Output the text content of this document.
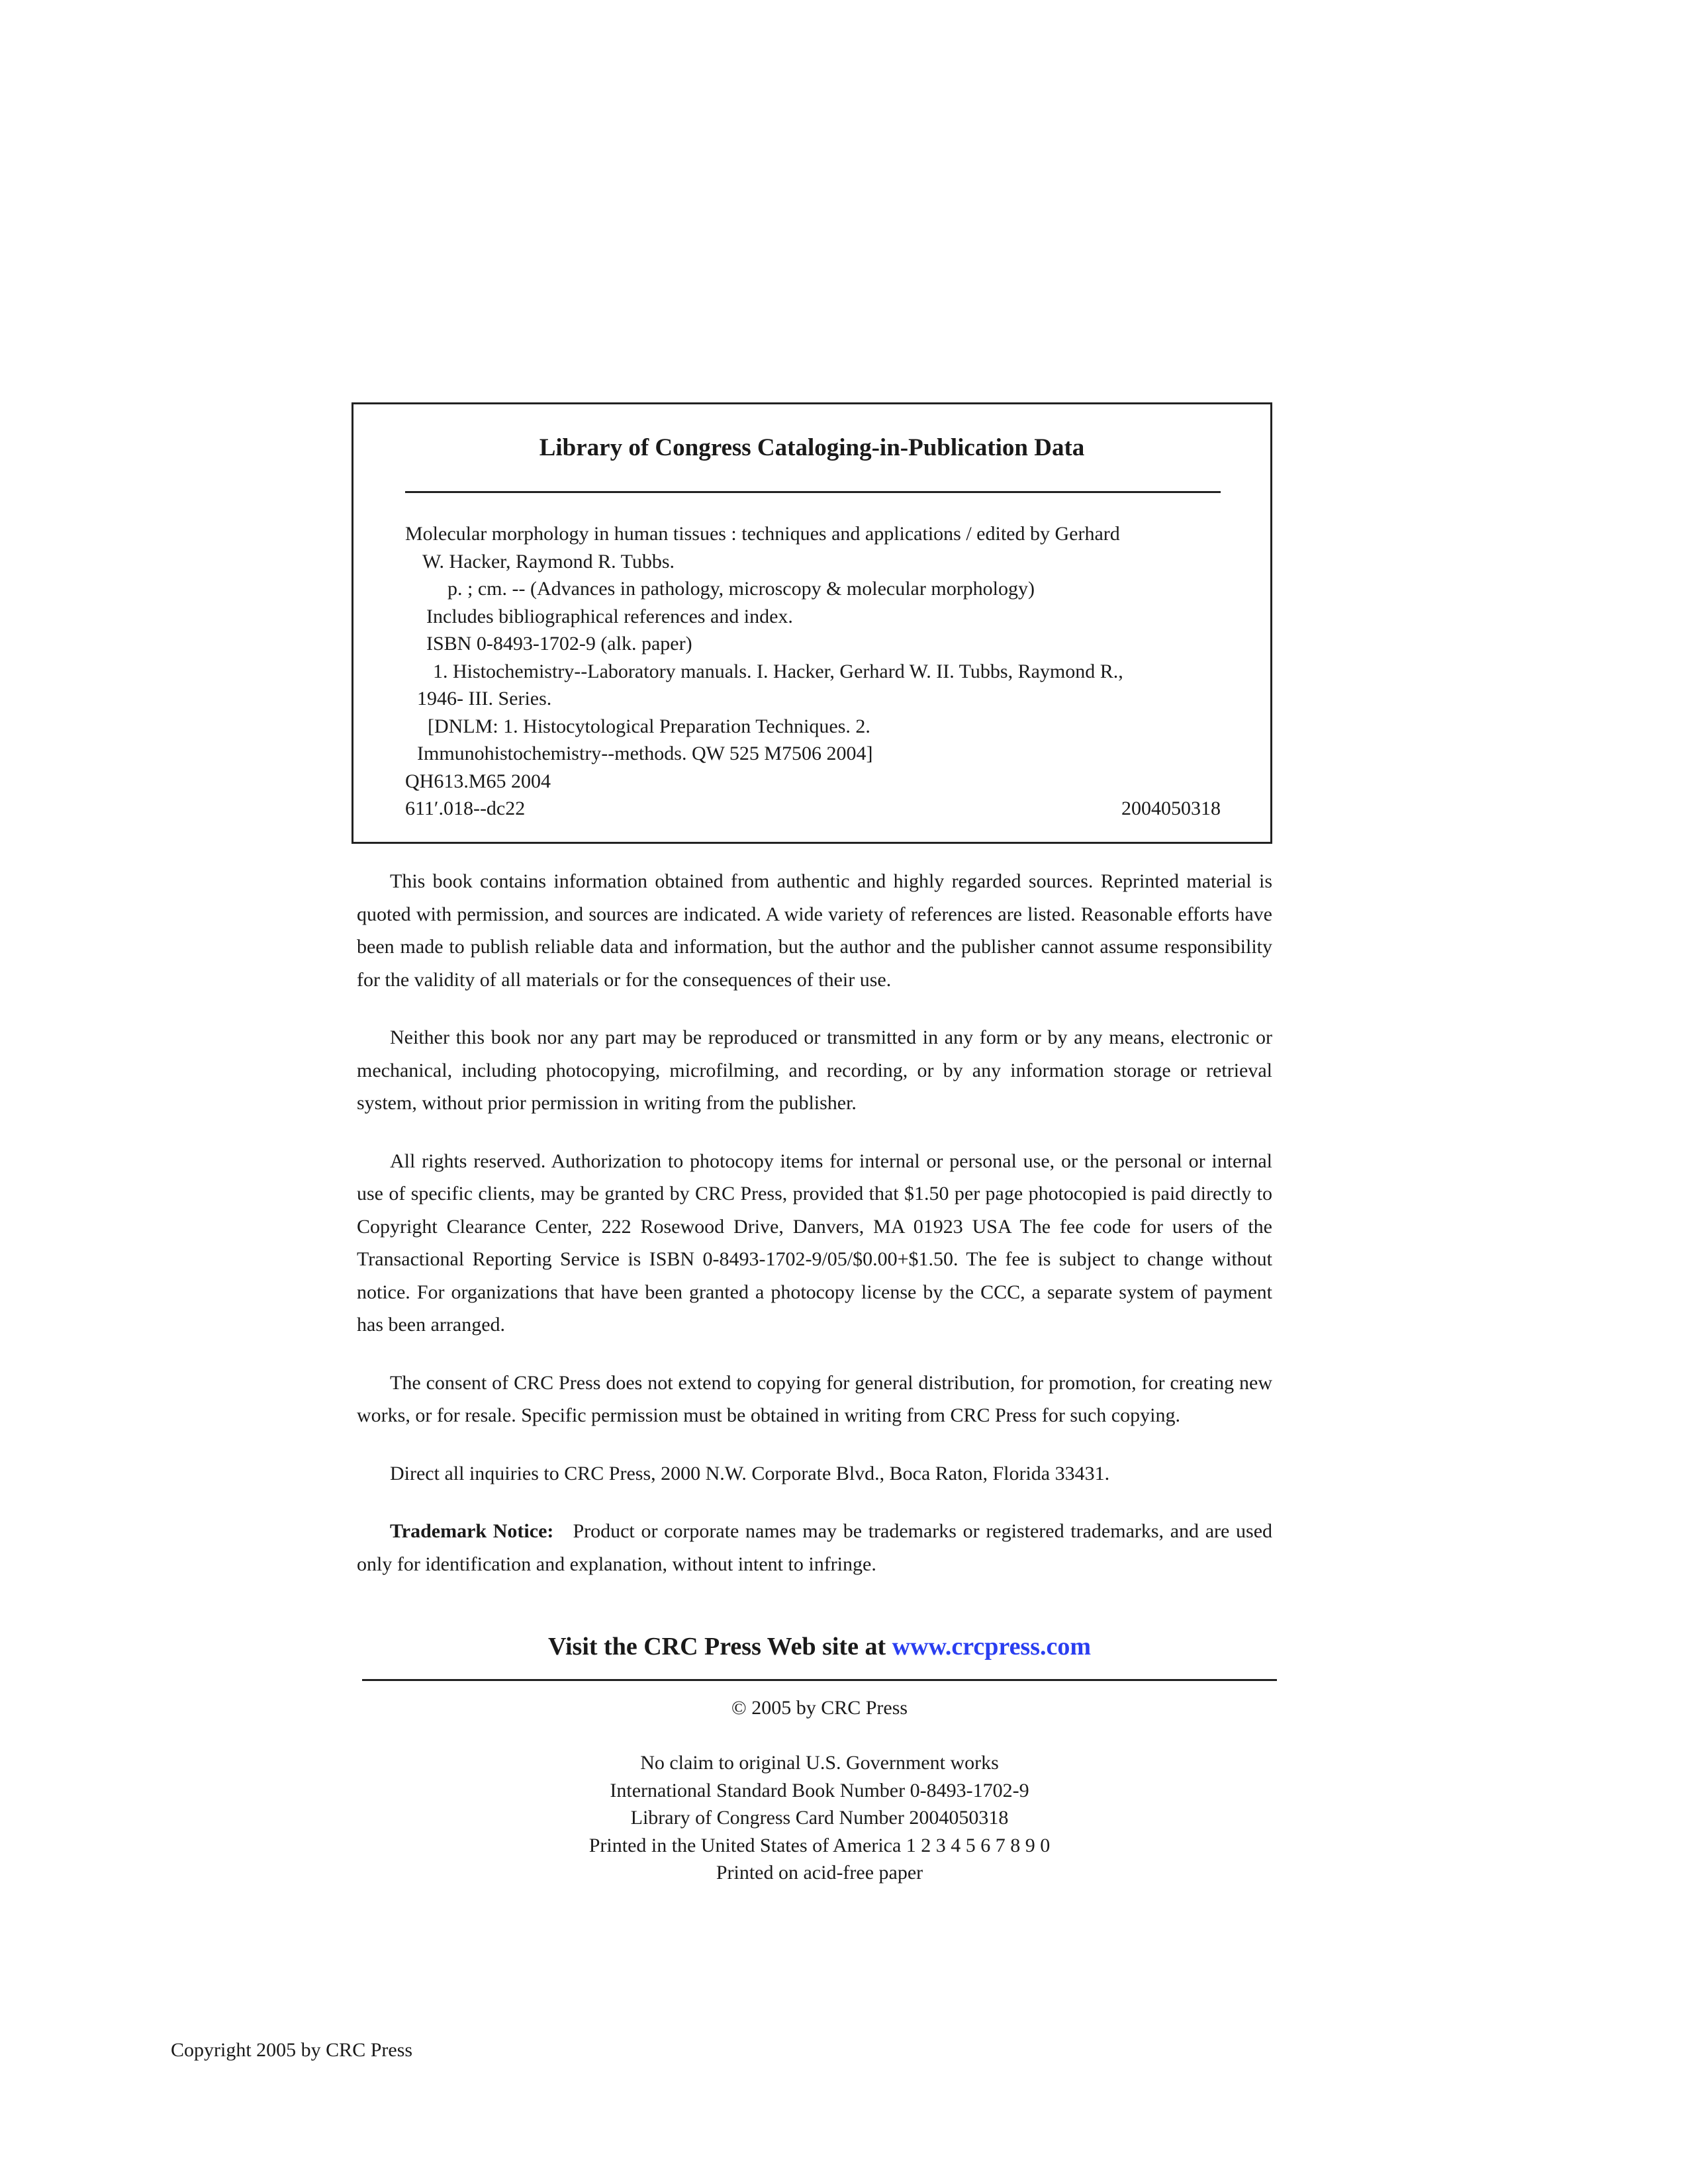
Library of Congress Cataloging-in-Publication Data
Molecular morphology in human tissues : techniques and applications / edited by Gerhard
W. Hacker, Raymond R. Tubbs.
p. ; cm. -- (Advances in pathology, microscopy & molecular morphology)
Includes bibliographical references and index.
ISBN 0-8493-1702-9 (alk. paper)
1. Histochemistry--Laboratory manuals. I. Hacker, Gerhard W. II. Tubbs, Raymond R.,
1946- III. Series.
[DNLM: 1. Histocytological Preparation Techniques. 2.
Immunohistochemistry--methods. QW 525 M7506 2004]
QH613.M65 2004
611′.018--dc22	2004050318

This book contains information obtained from authentic and highly regarded sources. Reprinted material is quoted with permission, and sources are indicated. A wide variety of references are listed. Reasonable efforts have been made to publish reliable data and information, but the author and the publisher cannot assume responsibility for the validity of all materials or for the consequences of their use.

Neither this book nor any part may be reproduced or transmitted in any form or by any means, electronic or mechanical, including photocopying, microfilming, and recording, or by any information storage or retrieval system, without prior permission in writing from the publisher.

All rights reserved. Authorization to photocopy items for internal or personal use, or the personal or internal use of specific clients, may be granted by CRC Press, provided that $1.50 per page photocopied is paid directly to Copyright Clearance Center, 222 Rosewood Drive, Danvers, MA 01923 USA The fee code for users of the Transactional Reporting Service is ISBN 0-8493-1702-9/05/$0.00+$1.50. The fee is subject to change without notice. For organizations that have been granted a photocopy license by the CCC, a separate system of payment has been arranged.

The consent of CRC Press does not extend to copying for general distribution, for promotion, for creating new works, or for resale. Specific permission must be obtained in writing from CRC Press for such copying.

Direct all inquiries to CRC Press, 2000 N.W. Corporate Blvd., Boca Raton, Florida 33431.

Trademark Notice: Product or corporate names may be trademarks or registered trademarks, and are used only for identification and explanation, without intent to infringe.

Visit the CRC Press Web site at www.crcpress.com
© 2005 by CRC Press
No claim to original U.S. Government works
International Standard Book Number 0-8493-1702-9
Library of Congress Card Number 2004050318
Printed in the United States of America 1 2 3 4 5 6 7 8 9 0
Printed on acid-free paper
Copyright 2005 by CRC Press
